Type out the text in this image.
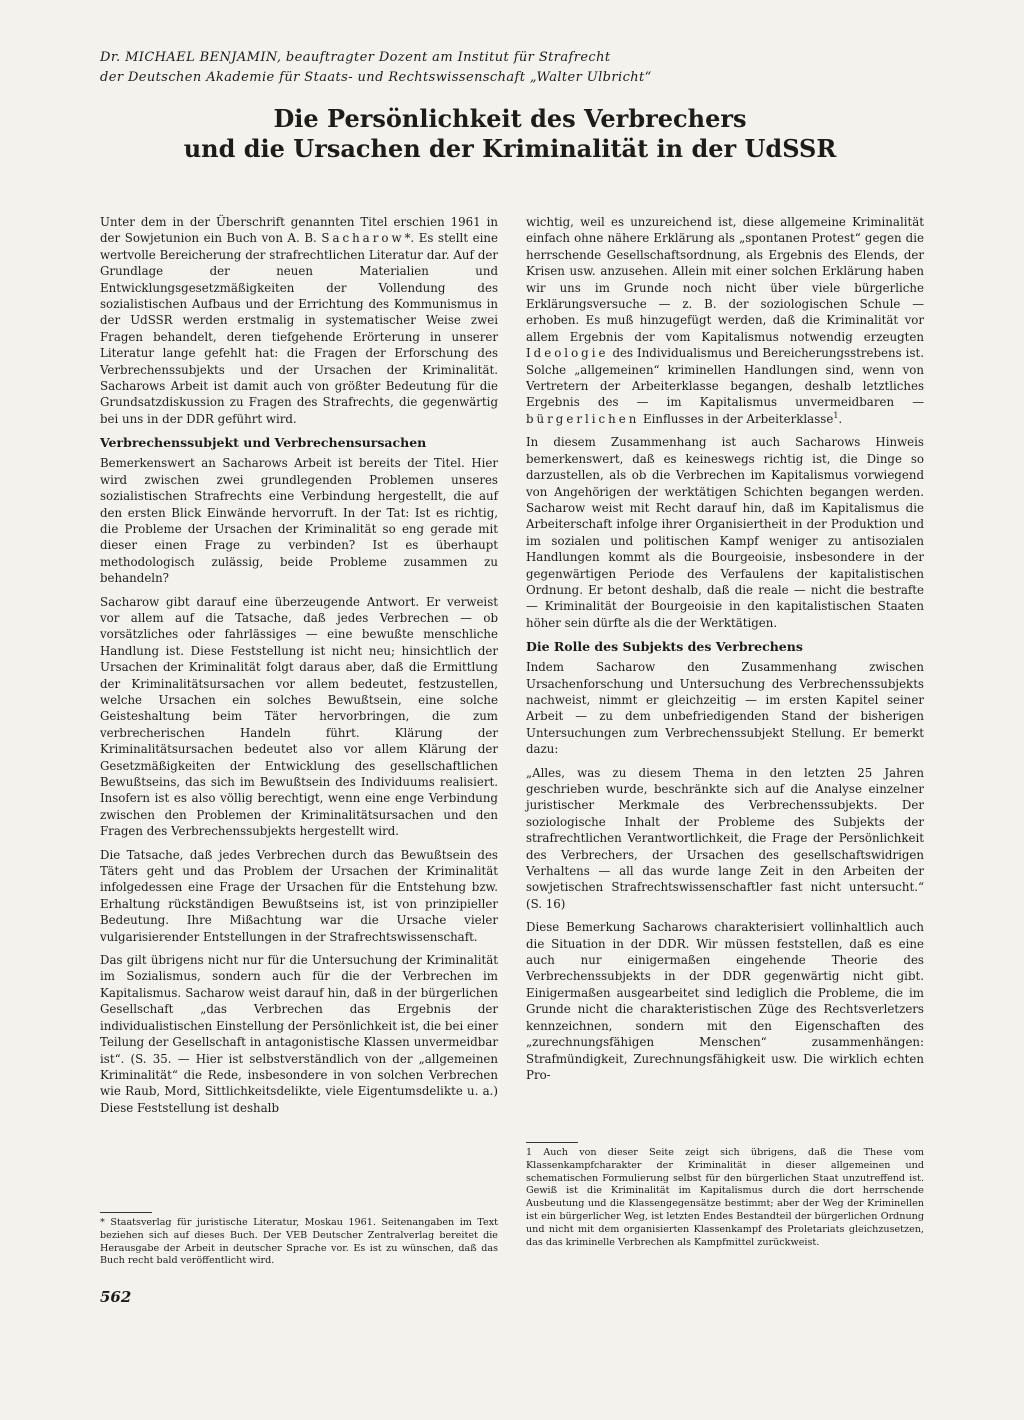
Dr. MICHAEL BENJAMIN, beauftragter Dozent am Institut für Strafrecht
der Deutschen Akademie für Staats- und Rechtswissenschaft „Walter Ulbricht“
Die Persönlichkeit des Verbrechers
und die Ursachen der Kriminalität in der UdSSR

Unter dem in der Überschrift genannten Titel erschien 1961 in der Sowjetunion ein Buch von A. B. Sacharow*. Es stellt eine wertvolle Bereicherung der strafrechtlichen Literatur dar. Auf der Grundlage der neuen Materialien und Entwicklungsgesetzmäßigkeiten der Vollendung des sozialistischen Aufbaus und der Errichtung des Kommunismus in der UdSSR werden erstmalig in systematischer Weise zwei Fragen behandelt, deren tiefgehende Erörterung in unserer Literatur lange gefehlt hat: die Fragen der Erforschung des Verbrechenssubjekts und der Ursachen der Kriminalität. Sacharows Arbeit ist damit auch von größter Bedeutung für die Grundsatzdiskussion zu Fragen des Strafrechts, die gegenwärtig bei uns in der DDR geführt wird.

Verbrechenssubjekt und Verbrechensursachen

Bemerkenswert an Sacharows Arbeit ist bereits der Titel. Hier wird zwischen zwei grundlegenden Problemen unseres sozialistischen Strafrechts eine Verbindung hergestellt, die auf den ersten Blick Einwände hervorruft. In der Tat: Ist es richtig, die Probleme der Ursachen der Kriminalität so eng gerade mit dieser einen Frage zu verbinden? Ist es überhaupt methodologisch zulässig, beide Probleme zusammen zu behandeln?

Sacharow gibt darauf eine überzeugende Antwort. Er verweist vor allem auf die Tatsache, daß jedes Verbrechen — ob vorsätzliches oder fahrlässiges — eine bewußte menschliche Handlung ist. Diese Feststellung ist nicht neu; hinsichtlich der Ursachen der Kriminalität folgt daraus aber, daß die Ermittlung der Kriminalitätsursachen vor allem bedeutet, festzustellen, welche Ursachen ein solches Bewußtsein, eine solche Geisteshaltung beim Täter hervorbringen, die zum verbrecherischen Handeln führt. Klärung der Kriminalitätsursachen bedeutet also vor allem Klärung der Gesetzmäßigkeiten der Entwicklung des gesellschaftlichen Bewußtseins, das sich im Bewußtsein des Individuums realisiert. Insofern ist es also völlig berechtigt, wenn eine enge Verbindung zwischen den Problemen der Kriminalitätsursachen und den Fragen des Verbrechenssubjekts hergestellt wird.

Die Tatsache, daß jedes Verbrechen durch das Bewußtsein des Täters geht und das Problem der Ursachen der Kriminalität infolgedessen eine Frage der Ursachen für die Entstehung bzw. Erhaltung rückständigen Bewußtseins ist, ist von prinzipieller Bedeutung. Ihre Mißachtung war die Ursache vieler vulgarisierender Entstellungen in der Strafrechtswissenschaft.

Das gilt übrigens nicht nur für die Untersuchung der Kriminalität im Sozialismus, sondern auch für die der Verbrechen im Kapitalismus. Sacharow weist darauf hin, daß in der bürgerlichen Gesellschaft „das Verbrechen das Ergebnis der individualistischen Einstellung der Persönlichkeit ist, die bei einer Teilung der Gesellschaft in antagonistische Klassen unvermeidbar ist“. (S. 35. — Hier ist selbstverständlich von der „allgemeinen Kriminalität“ die Rede, insbesondere in von solchen Verbrechen wie Raub, Mord, Sittlichkeitsdelikte, viele Eigentumsdelikte u. a.) Diese Feststellung ist deshalb

* Staatsverlag für juristische Literatur, Moskau 1961. Seitenangaben im Text beziehen sich auf dieses Buch. Der VEB Deutscher Zentralverlag bereitet die Herausgabe der Arbeit in deutscher Sprache vor. Es ist zu wünschen, daß das Buch recht bald veröffentlicht wird.

wichtig, weil es unzureichend ist, diese allgemeine Kriminalität einfach ohne nähere Erklärung als „spontanen Protest“ gegen die herrschende Gesellschaftsordnung, als Ergebnis des Elends, der Krisen usw. anzusehen. Allein mit einer solchen Erklärung haben wir uns im Grunde noch nicht über viele bürgerliche Erklärungsversuche — z. B. der soziologischen Schule — erhoben. Es muß hinzugefügt werden, daß die Kriminalität vor allem Ergebnis der vom Kapitalismus notwendig erzeugten Ideologie des Individualismus und Bereicherungsstrebens ist. Solche „allgemeinen“ kriminellen Handlungen sind, wenn von Vertretern der Arbeiterklasse begangen, deshalb letztliches Ergebnis des — im Kapitalismus unvermeidbaren — bürgerlichen Einflusses in der Arbeiterklasse$^1$.

In diesem Zusammenhang ist auch Sacharows Hinweis bemerkenswert, daß es keineswegs richtig ist, die Dinge so darzustellen, als ob die Verbrechen im Kapitalismus vorwiegend von Angehörigen der werktätigen Schichten begangen werden. Sacharow weist mit Recht darauf hin, daß im Kapitalismus die Arbeiterschaft infolge ihrer Organisiertheit in der Produktion und im sozialen und politischen Kampf weniger zu antisozialen Handlungen kommt als die Bourgeoisie, insbesondere in der gegenwärtigen Periode des Verfaulens der kapitalistischen Ordnung. Er betont deshalb, daß die reale — nicht die bestrafte — Kriminalität der Bourgeoisie in den kapitalistischen Staaten höher sein dürfte als die der Werktätigen.

Die Rolle des Subjekts des Verbrechens

Indem Sacharow den Zusammenhang zwischen Ursachenforschung und Untersuchung des Verbrechenssubjekts nachweist, nimmt er gleichzeitig — im ersten Kapitel seiner Arbeit — zu dem unbefriedigenden Stand der bisherigen Untersuchungen zum Verbrechenssubjekt Stellung. Er bemerkt dazu:

„Alles, was zu diesem Thema in den letzten 25 Jahren geschrieben wurde, beschränkte sich auf die Analyse einzelner juristischer Merkmale des Verbrechenssubjekts. Der soziologische Inhalt der Probleme des Subjekts der strafrechtlichen Verantwortlichkeit, die Frage der Persönlichkeit des Verbrechers, der Ursachen des gesellschaftswidrigen Verhaltens — all das wurde lange Zeit in den Arbeiten der sowjetischen Strafrechtswissenschaftler fast nicht untersucht.“ (S. 16)

Diese Bemerkung Sacharows charakterisiert vollinhaltlich auch die Situation in der DDR. Wir müssen feststellen, daß es eine auch nur einigermaßen eingehende Theorie des Verbrechenssubjekts in der DDR gegenwärtig nicht gibt. Einigermaßen ausgearbeitet sind lediglich die Probleme, die im Grunde nicht die charakteristischen Züge des Rechtsverletzers kennzeichnen, sondern mit den Eigenschaften des „zurechnungsfähigen Menschen“ zusammenhängen: Strafmündigkeit, Zurechnungsfähigkeit usw. Die wirklich echten Pro-

1 Auch von dieser Seite zeigt sich übrigens, daß die These vom Klassenkampfcharakter der Kriminalität in dieser allgemeinen und schematischen Formulierung selbst für den bürgerlichen Staat unzutreffend ist. Gewiß ist die Kriminalität im Kapitalismus durch die dort herrschende Ausbeutung und die Klassengegensätze bestimmt; aber der Weg der Kriminellen ist ein bürgerlicher Weg, ist letzten Endes Bestandteil der bürgerlichen Ordnung und nicht mit dem organisierten Klassenkampf des Proletariats gleichzusetzen, das das kriminelle Verbrechen als Kampfmittel zurückweist.

562
